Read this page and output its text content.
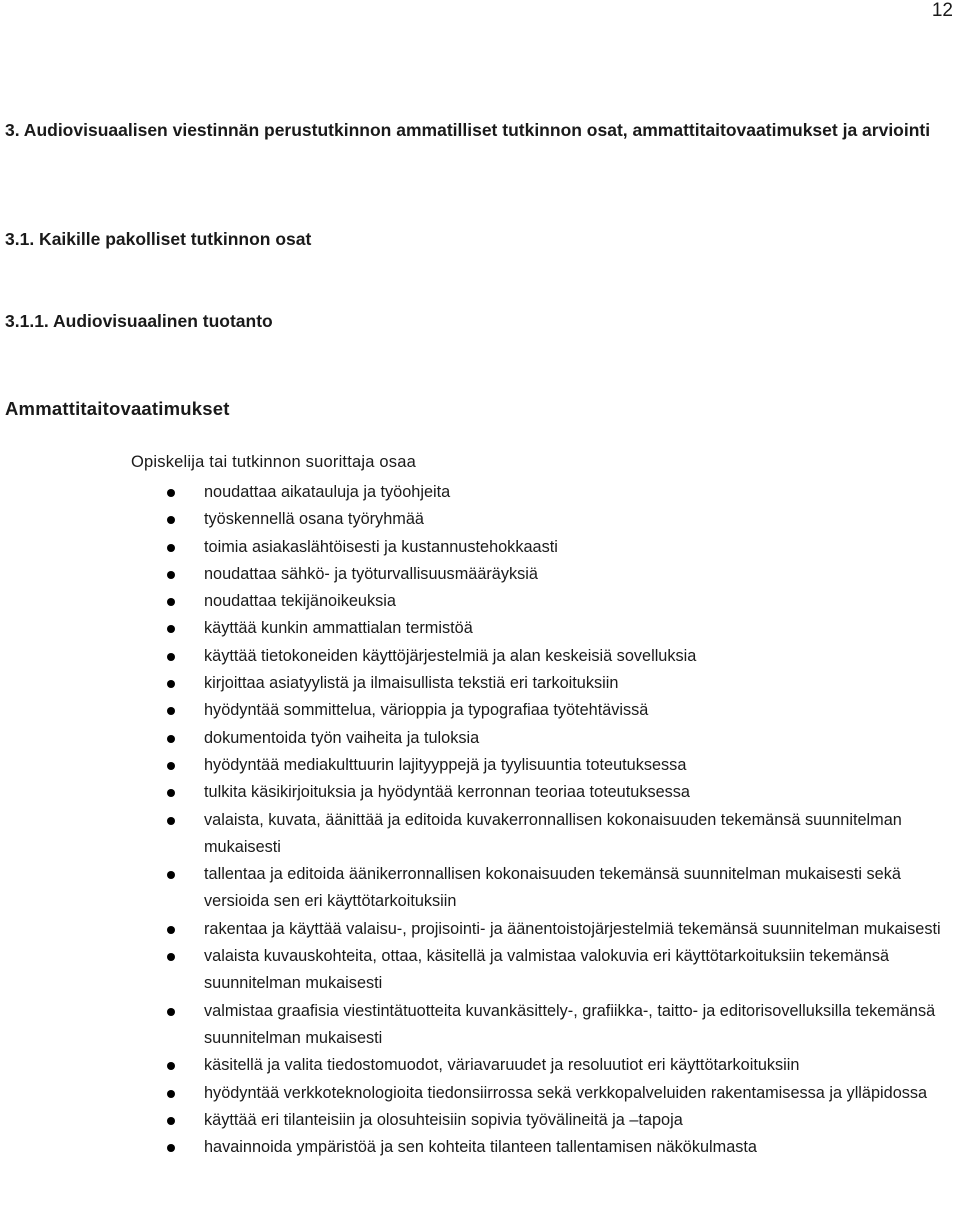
12
3. Audiovisuaalisen viestinnän perustutkinnon ammatilliset tutkinnon osat, ammattitaitovaatimukset ja arviointi
3.1. Kaikille pakolliset tutkinnon osat
3.1.1. Audiovisuaalinen tuotanto
Ammattitaitovaatimukset
Opiskelija tai tutkinnon suorittaja osaa
noudattaa aikatauluja ja työohjeita
työskennellä osana työryhmää
toimia asiakaslähtöisesti ja kustannustehokkaasti
noudattaa sähkö- ja työturvallisuusmääräyksiä
noudattaa tekijänoikeuksia
käyttää kunkin ammattialan termistöä
käyttää tietokoneiden käyttöjärjestelmiä ja alan keskeisiä sovelluksia
kirjoittaa asiatyylistä ja ilmaisullista tekstiä eri tarkoituksiin
hyödyntää sommittelua, värioppia ja typografiaa työtehtävissä
dokumentoida työn vaiheita ja tuloksia
hyödyntää mediakulttuurin lajityyppejä ja tyylisuuntia toteutuksessa
tulkita käsikirjoituksia ja hyödyntää kerronnan teoriaa toteutuksessa
valaista, kuvata, äänittää ja editoida kuvakerronnallisen kokonaisuuden tekemänsä suunnitelman mukaisesti
tallentaa ja editoida äänikerronnallisen kokonaisuuden tekemänsä suunnitelman mukaisesti sekä versioida sen eri käyttötarkoituksiin
rakentaa ja käyttää valaisu-, projisointi- ja äänentoistojärjestelmiä tekemänsä suunnitelman mukaisesti
valaista kuvauskohteita, ottaa, käsitellä ja valmistaa valokuvia eri käyttötarkoituksiin tekemänsä suunnitelman mukaisesti
valmistaa graafisia viestintätuotteita kuvankäsittely-, grafiikka-, taitto- ja editorisovelluksilla tekemänsä suunnitelman mukaisesti
käsitellä ja valita tiedostomuodot, väriavaruudet ja resoluutiot eri käyttötarkoituksiin
hyödyntää verkkoteknologioita tiedonsiirrossa sekä verkkopalveluiden rakentamisessa ja ylläpidossa
käyttää eri tilanteisiin ja olosuhteisiin sopivia työvälineitä ja –tapoja
havainnoida ympäristöä ja sen kohteita tilanteen tallentamisen näkökulmasta
